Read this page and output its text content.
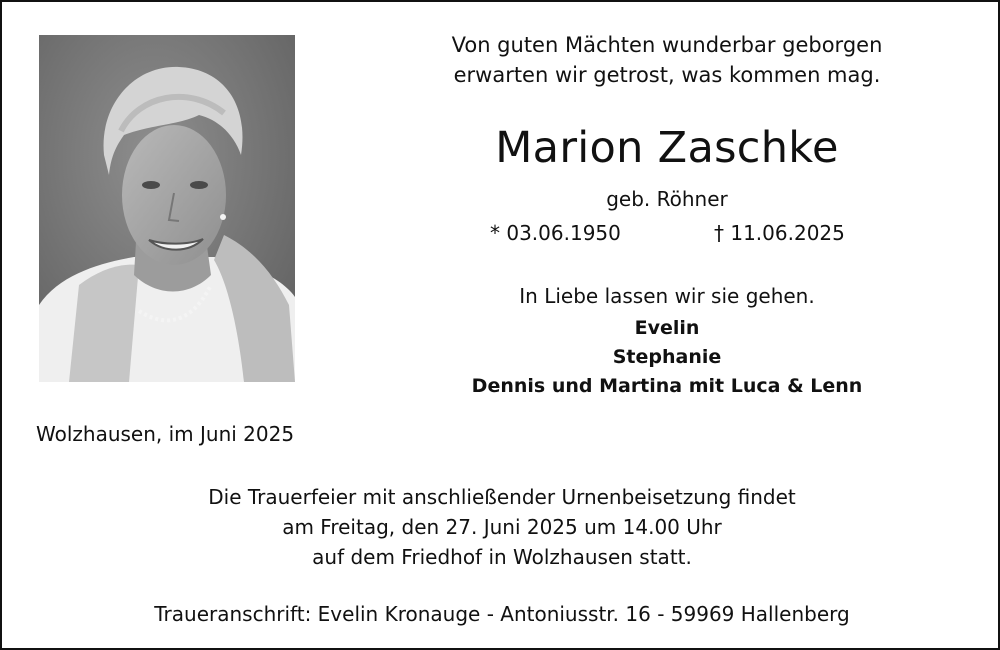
Von guten Mächten wunderbar geborgen
erwarten wir getrost, was kommen mag.
Marion Zaschke
geb. Röhner
* 03.06.1950	† 11.06.2025
In Liebe lassen wir sie gehen.
Evelin
Stephanie
Dennis und Martina mit Luca & Lenn
Wolzhausen, im Juni 2025
Die Trauerfeier mit anschließender Urnenbeisetzung findet
am Freitag, den 27. Juni 2025 um 14.00 Uhr
auf dem Friedhof in Wolzhausen statt.
Traueranschrift: Evelin Kronauge - Antoniusstr. 16 - 59969 Hallenberg
